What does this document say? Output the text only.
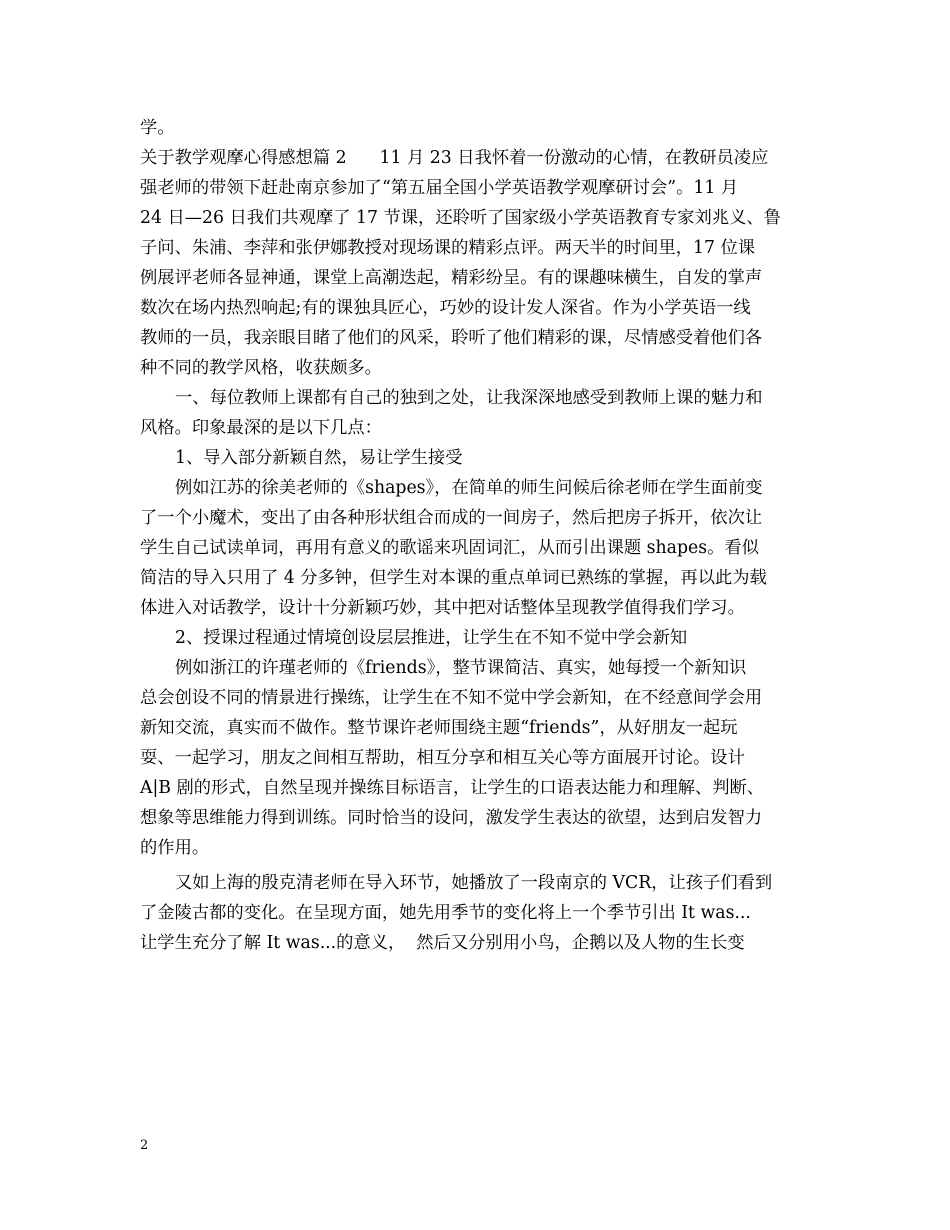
学。
关于教学观摩心得感想篇 2      11 月 23 日我怀着一份激动的心情，在教研员凌应
强老师的带领下赶赴南京参加了“第五届全国小学英语教学观摩研讨会”。11 月
24 日—26 日我们共观摩了 17 节课，还聆听了国家级小学英语教育专家刘兆义、鲁
子问、朱浦、李萍和张伊娜教授对现场课的精彩点评。两天半的时间里，17 位课
例展评老师各显神通，课堂上高潮迭起，精彩纷呈。有的课趣味横生，自发的掌声
数次在场内热烈响起;有的课独具匠心，巧妙的设计发人深省。作为小学英语一线
教师的一员，我亲眼目睹了他们的风采，聆听了他们精彩的课，尽情感受着他们各
种不同的教学风格，收获颇多。
一、每位教师上课都有自己的独到之处，让我深深地感受到教师上课的魅力和
风格。印象最深的是以下几点：
1、导入部分新颖自然，易让学生接受
例如江苏的徐美老师的《shapes》，在简单的师生问候后徐老师在学生面前变
了一个小魔术，变出了由各种形状组合而成的一间房子，然后把房子拆开，依次让
学生自己试读单词，再用有意义的歌谣来巩固词汇，从而引出课题 shapes。看似
简洁的导入只用了 4 分多钟，但学生对本课的重点单词已熟练的掌握，再以此为载
体进入对话教学，设计十分新颖巧妙，其中把对话整体呈现教学值得我们学习。
2、授课过程通过情境创设层层推进，让学生在不知不觉中学会新知
例如浙江的许瑾老师的《friends》，整节课简洁、真实，她每授一个新知识
总会创设不同的情景进行操练，让学生在不知不觉中学会新知，在不经意间学会用
新知交流，真实而不做作。整节课许老师围绕主题“friends”，从好朋友一起玩
耍、一起学习，朋友之间相互帮助，相互分享和相互关心等方面展开讨论。设计
A|B 剧的形式，自然呈现并操练目标语言，让学生的口语表达能力和理解、判断、
想象等思维能力得到训练。同时恰当的设问，激发学生表达的欲望，达到启发智力
的作用。
又如上海的殷克清老师在导入环节，她播放了一段南京的 VCR，让孩子们看到
了金陵古都的变化。在呈现方面，她先用季节的变化将上一个季节引出 It was...
让学生充分了解 It was...的意义，  然后又分别用小鸟，企鹅以及人物的生长变
2
